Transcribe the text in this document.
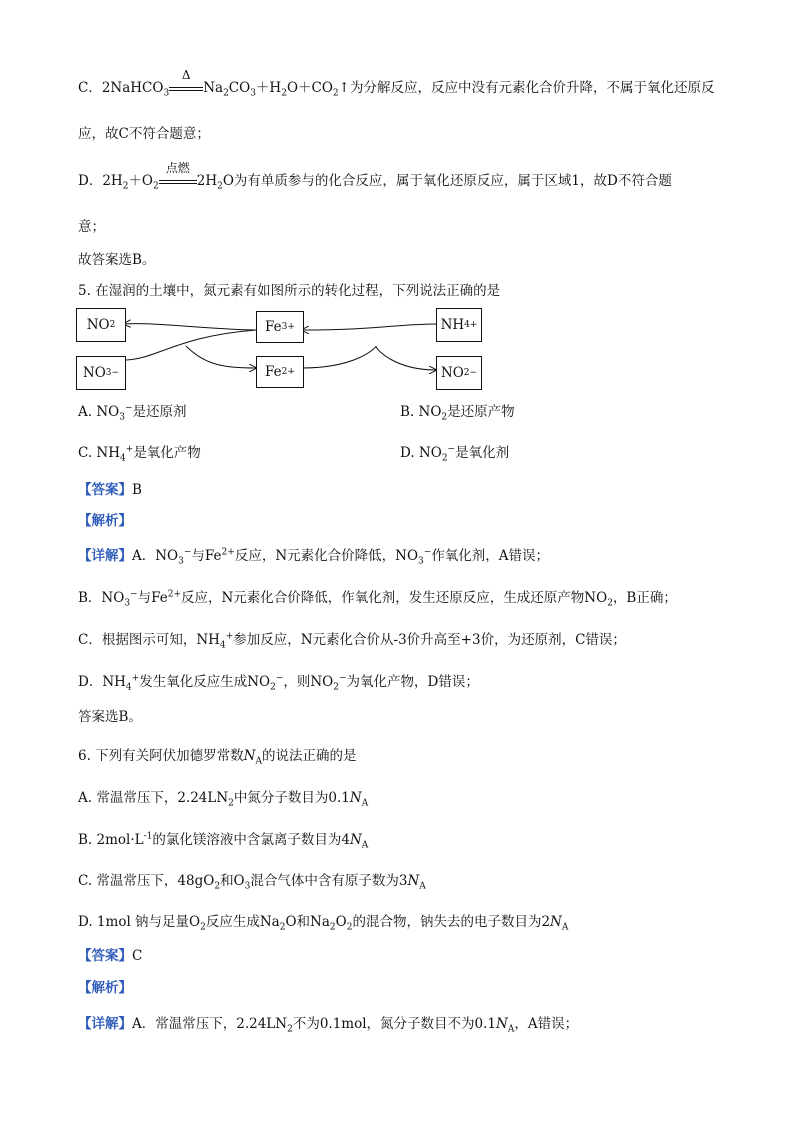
C．2NaHCO$_3$
Δ
$Na_2CO_3+H_2O+CO_2↑$为分解反应，反应中没有元素化合价升降，不属于氧化还原反
应，故C不符合题意；
D．$2H_2+O_2$
点燃
$2H_2O$为有单质参与的化合反应，属于氧化还原反应，属于区域1，故D不符合题
意；
故答案选B。
5. 在湿润的土壤中，氮元素有如图所示的转化过程，下列说法正确的是
NO 2
NO 3 −
Fe 3+
Fe 2+
NH 4 +
NO 2 −
A. $NO_3^-$是还原剂	B. $NO_2$是还原产物
C. $NH_4^+$是氧化产物	D. $NO_2^-$是氧化剂
【答案】B
【解析】
【详解】A．$NO_3^-$与$Fe^{2+}$反应，N元素化合价降低，$NO_3^-$作氧化剂，A错误；
B．$NO_3^-$与$Fe^{2+}$反应，N元素化合价降低，作氧化剂，发生还原反应，生成还原产物$NO_2$，B正确；
C．根据图示可知，$NH_4^+$参加反应，N元素化合价从-3价升高至+3价，为还原剂，C错误；
D．$NH_4^+$发生氧化反应生成$NO_2^-$，则$NO_2^-$为氧化产物，D错误；
答案选B。
6. 下列有关阿伏加德罗常数$N_A$的说法正确的是
A. 常温常压下，$2.24LN_2$中氮分子数目为$0.1N_A$
B. $2mol\cdot L^{-1}$的氯化镁溶液中含氯离子数目为$4N_A$
C. 常温常压下，$48gO_2$和$O_3$混合气体中含有原子数为$3N_A$
D. 1mol 钠与足量$O_2$反应生成$Na_2O$和$Na_2O_2$的混合物，钠失去的电子数目为$2N_A$
【答案】C
【解析】
【详解】A．常温常压下，$2.24LN_2$不为0.1mol，氮分子数目不为$0.1N_A$，A错误；
